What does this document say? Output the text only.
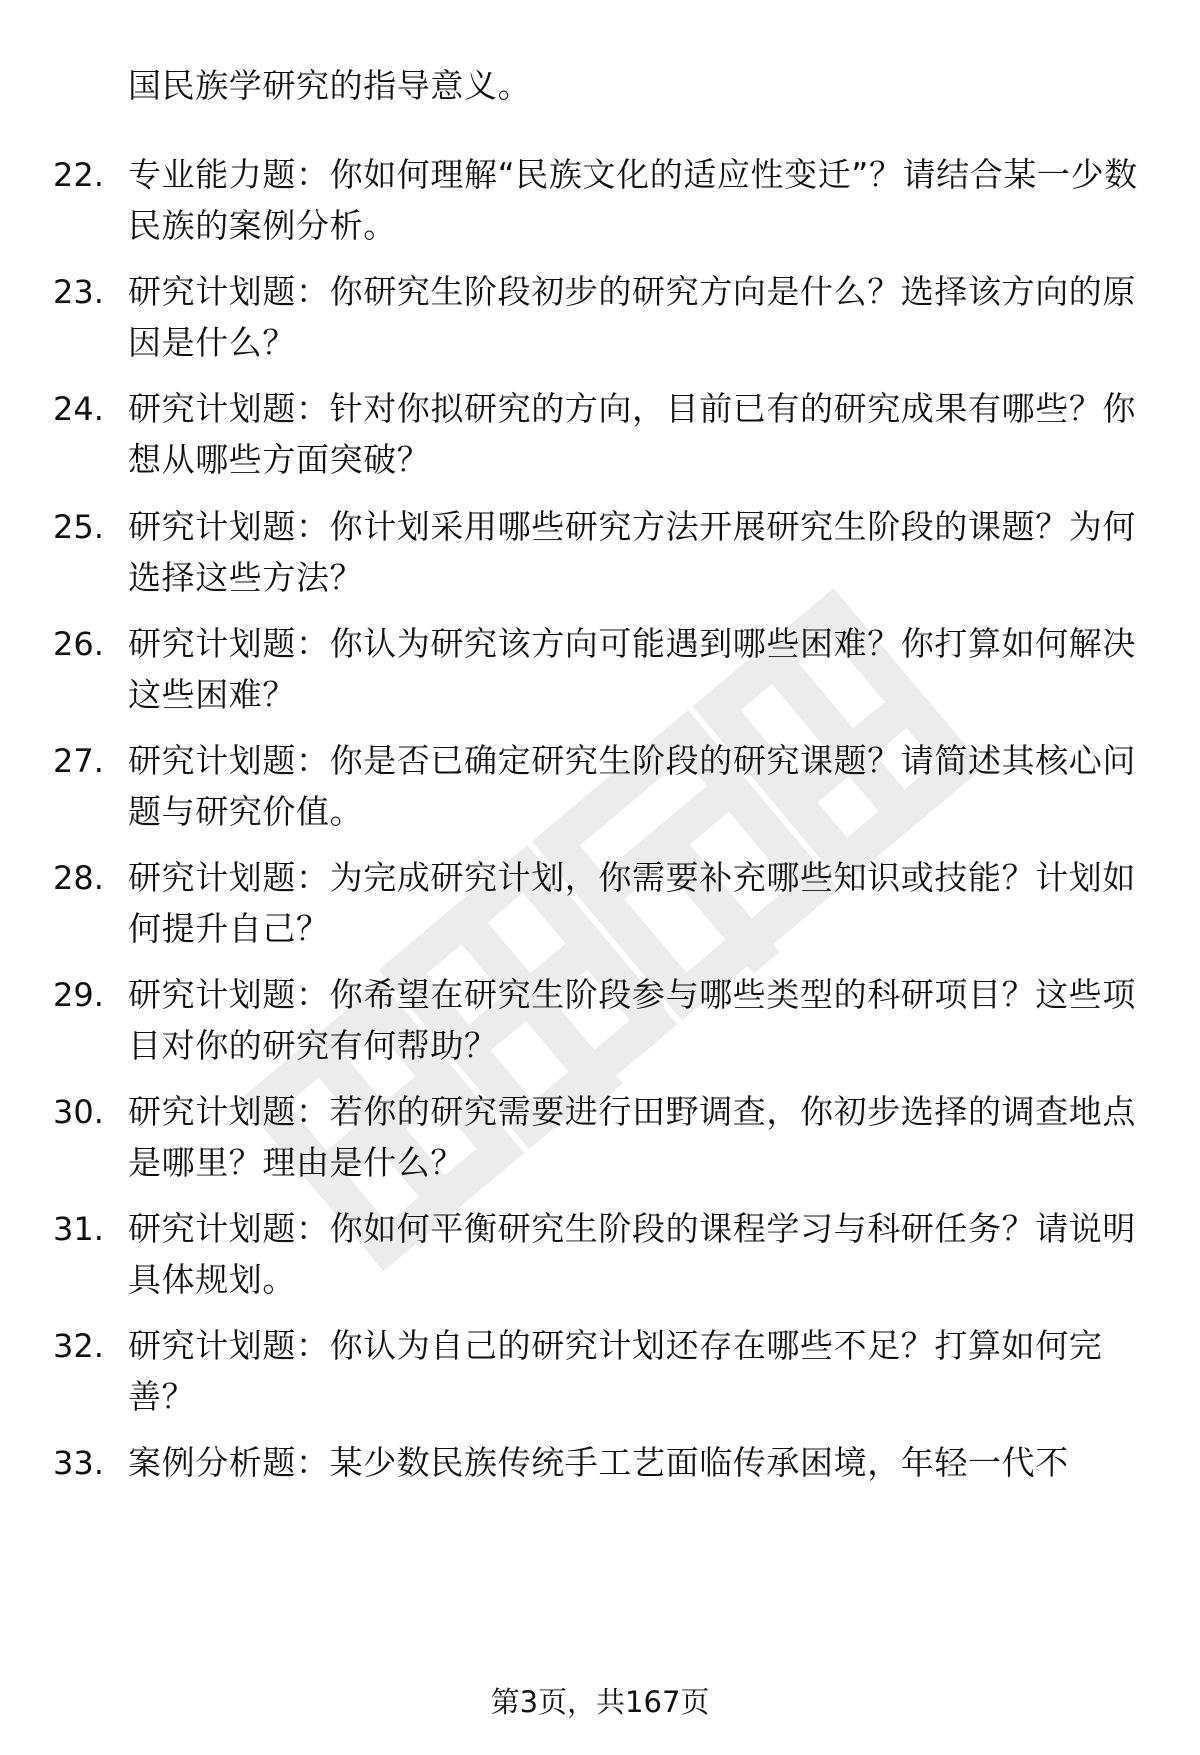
国民族学研究的指导意义。
22. 专业能力题：你如何理解“民族文化的适应性变迁”？请结合某一少数民族的案例分析。
23. 研究计划题：你研究生阶段初步的研究方向是什么？选择该方向的原因是什么？
24. 研究计划题：针对你拟研究的方向，目前已有的研究成果有哪些？你想从哪些方面突破？
25. 研究计划题：你计划采用哪些研究方法开展研究生阶段的课题？为何选择这些方法？
26. 研究计划题：你认为研究该方向可能遇到哪些困难？你打算如何解决这些困难？
27. 研究计划题：你是否已确定研究生阶段的研究课题？请简述其核心问题与研究价值。
28. 研究计划题：为完成研究计划，你需要补充哪些知识或技能？计划如何提升自己？
29. 研究计划题：你希望在研究生阶段参与哪些类型的科研项目？这些项目对你的研究有何帮助？
30. 研究计划题：若你的研究需要进行田野调查，你初步选择的调查地点是哪里？理由是什么？
31. 研究计划题：你如何平衡研究生阶段的课程学习与科研任务？请说明具体规划。
32. 研究计划题：你认为自己的研究计划还存在哪些不足？打算如何完善？
33. 案例分析题：某少数民族传统手工艺面临传承困境，年轻一代不
第3页，共167页
